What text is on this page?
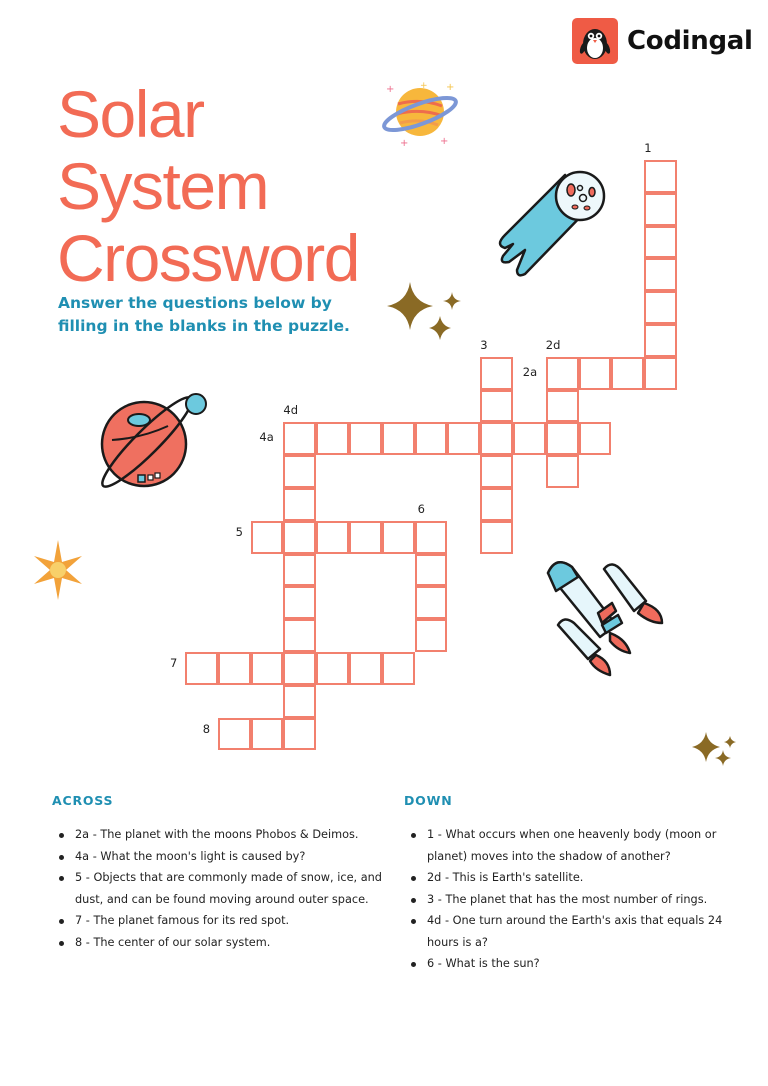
Codingal
Solar
System
Crossword
Answer the questions below by filling in the blanks in the puzzle.
+	+
+
+
+
1
2a
2d
3
4a
4d
5
6
7
8
ACROSS
2a - The planet with the moons Phobos & Deimos.
4a - What the moon's light is caused by?
5 - Objects that are commonly made of snow, ice, and dust, and can be found moving around outer space.
7 - The planet famous for its red spot.
8 - The center of our solar system.
DOWN
1 - What occurs when one heavenly body (moon or planet) moves into the shadow of another?
2d - This is Earth's satellite.
3 - The planet that has the most number of rings.
4d - One turn around the Earth's axis that equals 24 hours is a?
6 - What is the sun?
